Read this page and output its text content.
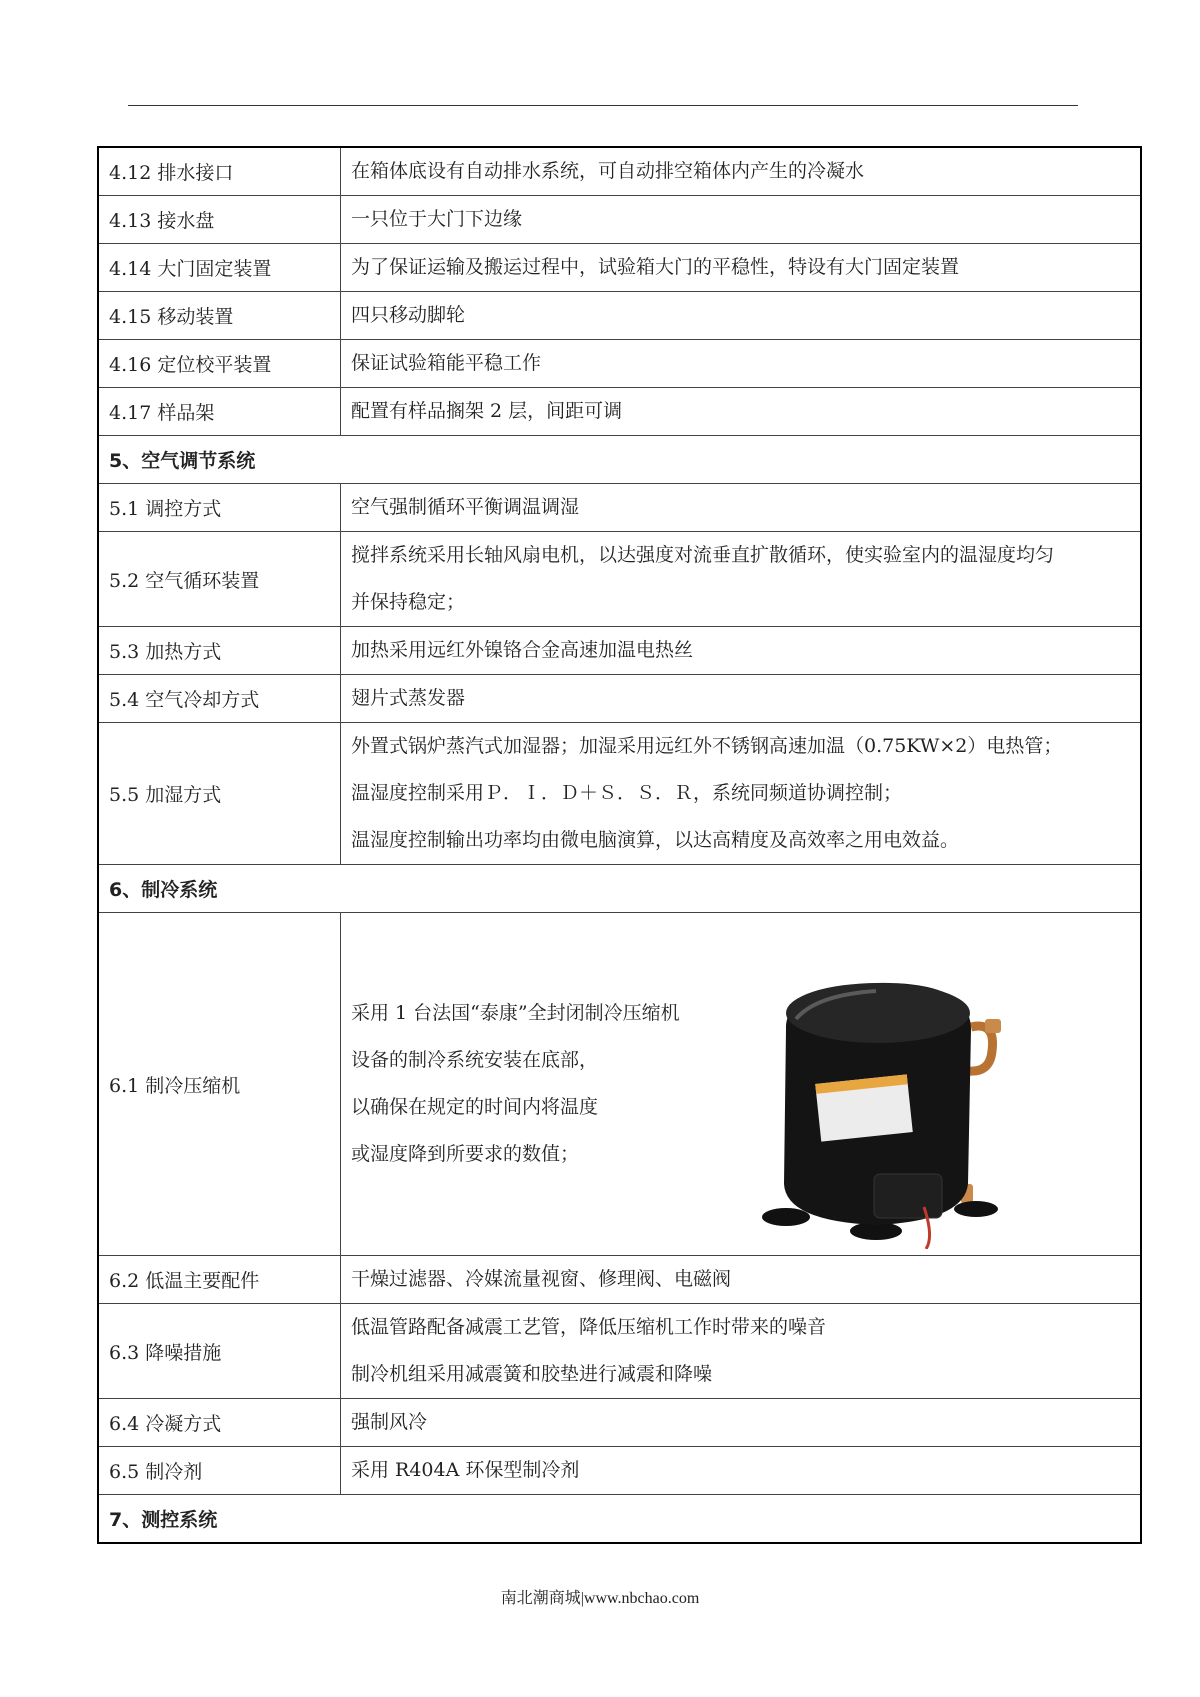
4.12 排水接口	在箱体底设有自动排水系统，可自动排空箱体内产生的冷凝水

4.13 接水盘	一只位于大门下边缘

4.14 大门固定装置	为了保证运输及搬运过程中，试验箱大门的平稳性，特设有大门固定装置

4.15 移动装置	四只移动脚轮

4.16 定位校平装置	保证试验箱能平稳工作

4.17 样品架	配置有样品搁架 2 层，间距可调

5、空气调节系统	
5.1 调控方式	空气强制循环平衡调温调湿

5.2 空气循环装置	搅拌系统采用长轴风扇电机，以达强度对流垂直扩散循环，使实验室内的温湿度均匀
并保持稳定；

5.3 加热方式	加热采用远红外镍铬合金高速加温电热丝

5.4 空气冷却方式	翅片式蒸发器

5.5 加湿方式	外置式锅炉蒸汽式加湿器；加湿采用远红外不锈钢高速加温（0.75KW×2）电热管；
温湿度控制采用Ｐ．Ｉ．Ｄ＋Ｓ．Ｓ．Ｒ，系统同频道协调控制；
温湿度控制输出功率均由微电脑演算，以达高精度及高效率之用电效益。

6、制冷系统	
6.1 制冷压缩机	采用 1 台法国“泰康”全封闭制冷压缩机
设备的制冷系统安装在底部，
以确保在规定的时间内将温度
或湿度降到所要求的数值；

6.2 低温主要配件	干燥过滤器、冷媒流量视窗、修理阀、电磁阀

6.3 降噪措施	低温管路配备减震工艺管，降低压缩机工作时带来的噪音
制冷机组采用减震簧和胶垫进行减震和降噪

6.4 冷凝方式	强制风冷

6.5 制冷剂	采用 R404A 环保型制冷剂

7、测控系统	
南北潮商城|www.nbchao.com
